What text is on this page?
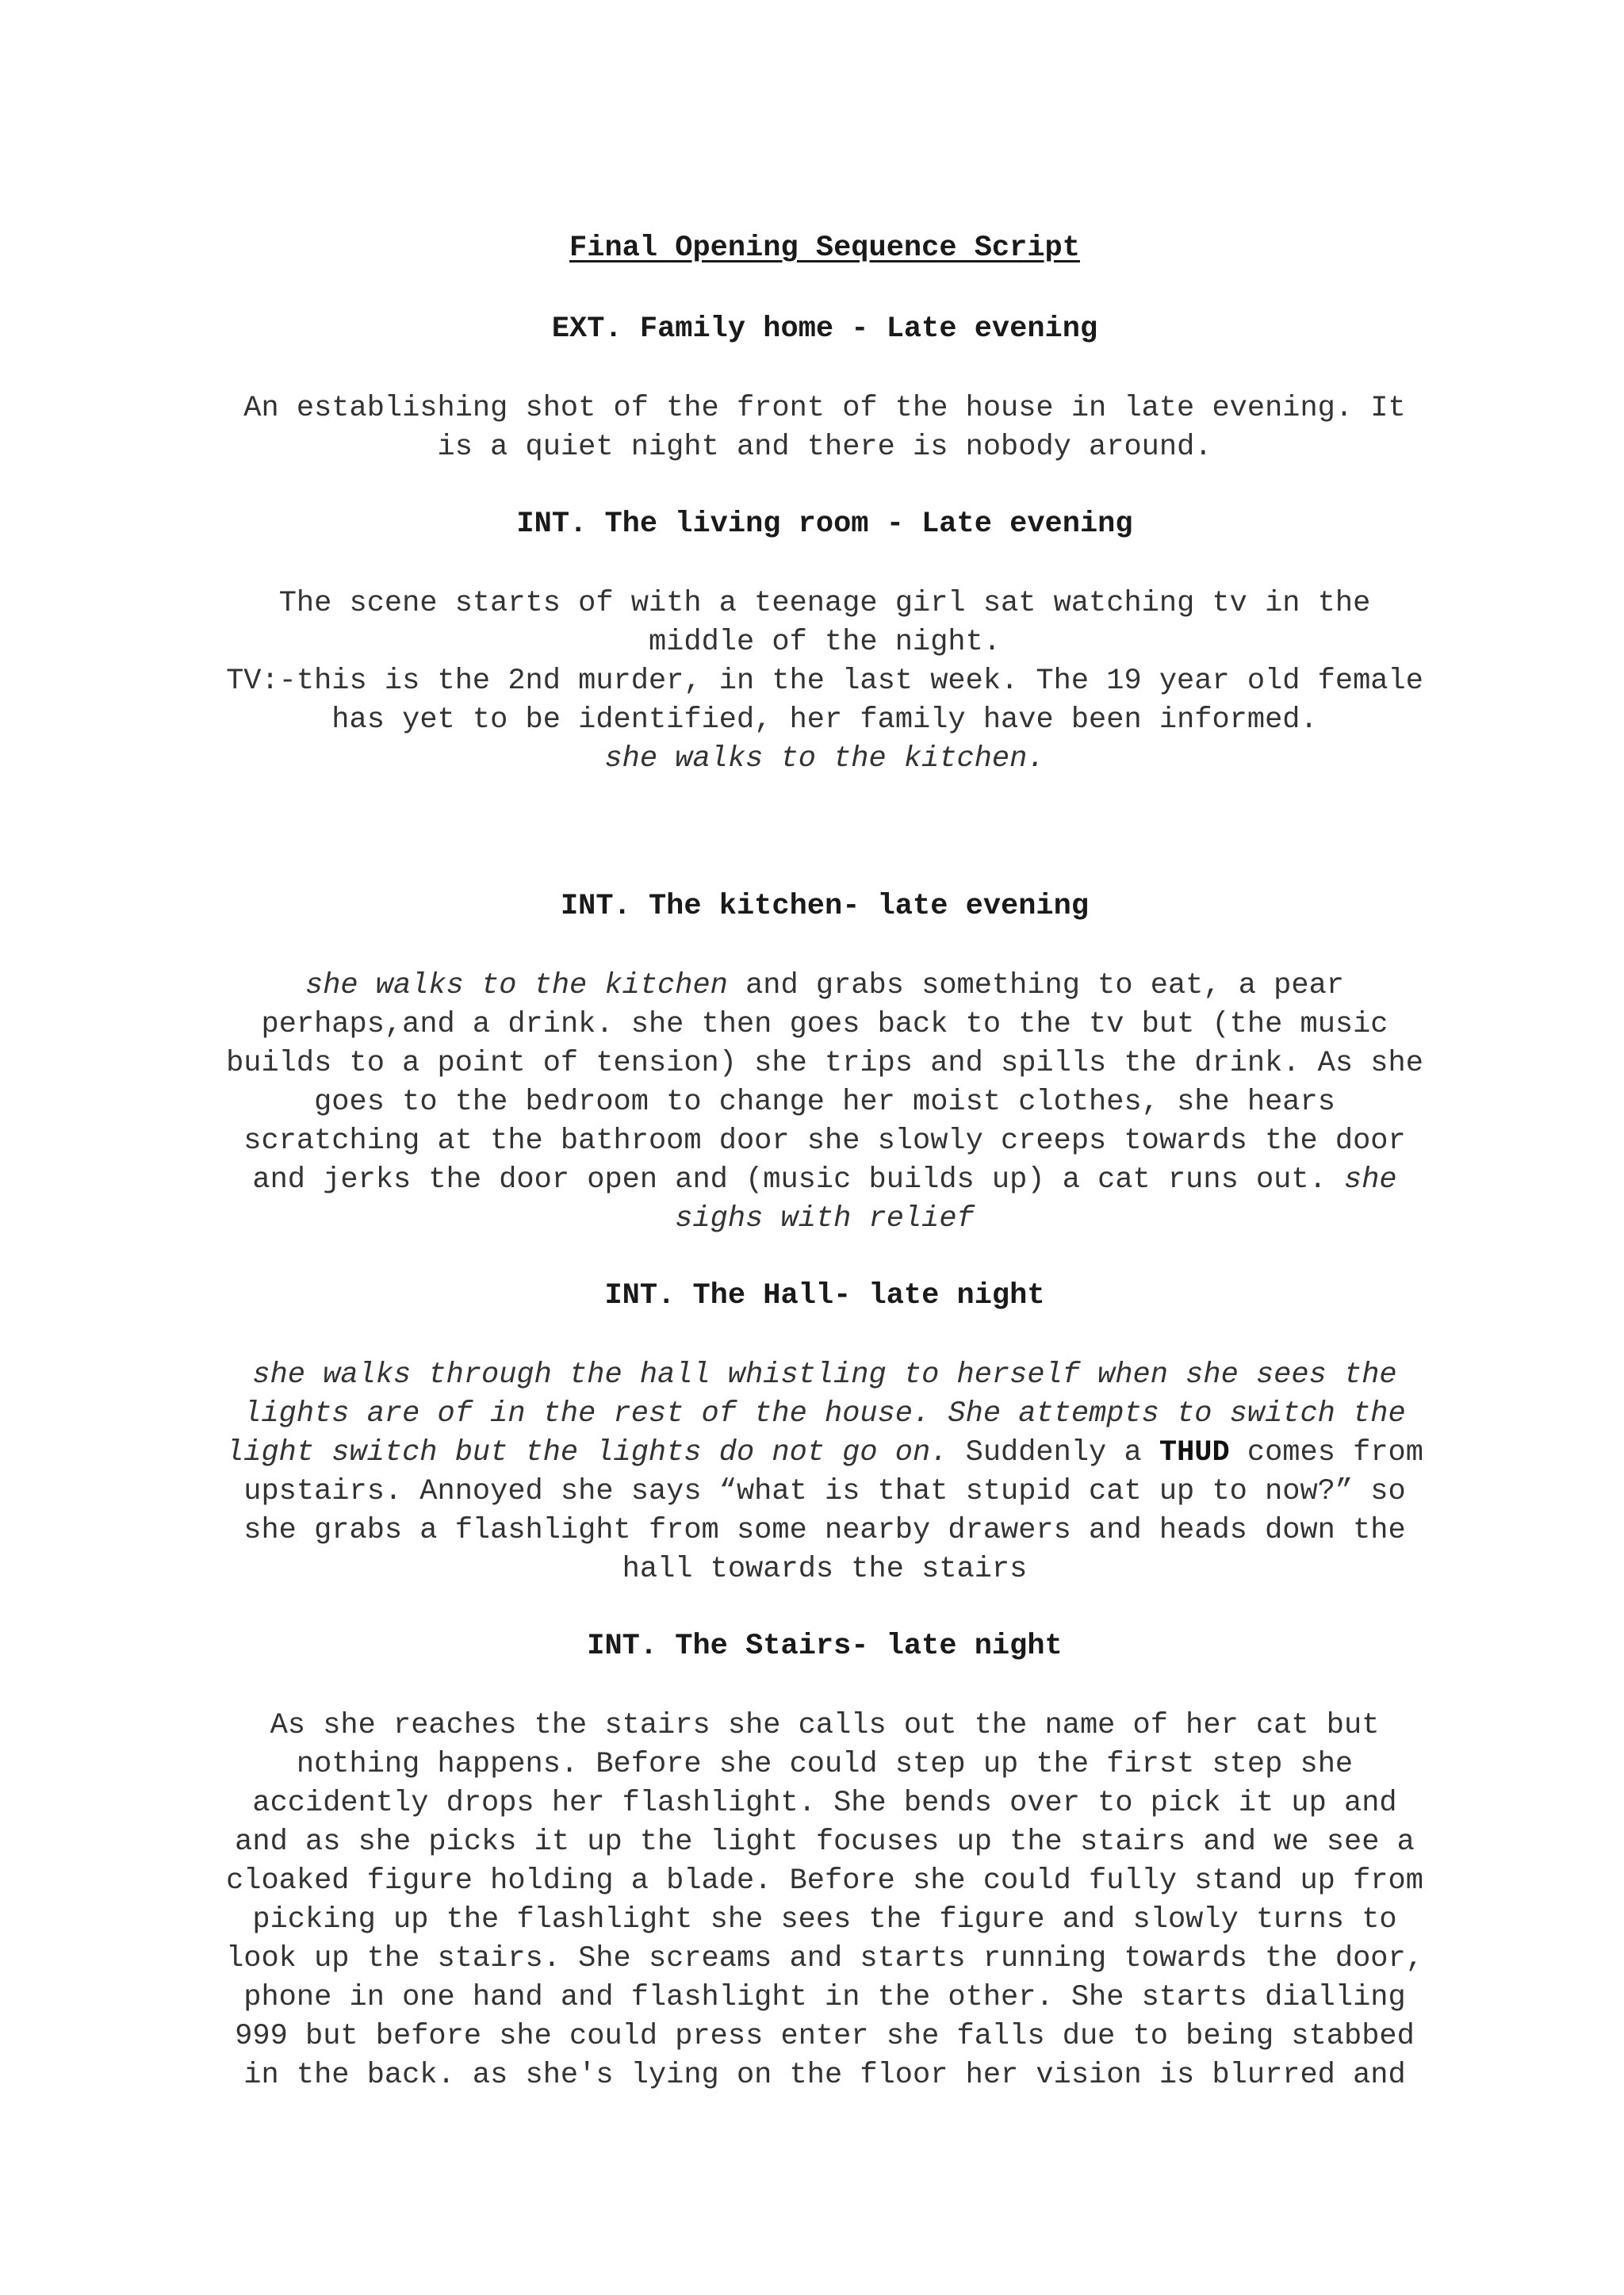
Final Opening Sequence Script
EXT. Family home - Late evening
An establishing shot of the front of the house in late evening. It
is a quiet night and there is nobody around.
INT. The living room - Late evening
The scene starts of with a teenage girl sat watching tv in the
middle of the night.
TV:-this is the 2nd murder, in the last week. The 19 year old female
has yet to be identified, her family have been informed.
she walks to the kitchen.
INT. The kitchen- late evening
she walks to the kitchen and grabs something to eat, a pear
perhaps,and a drink. she then goes back to the tv but (the music
builds to a point of tension) she trips and spills the drink. As she
goes to the bedroom to change her moist clothes, she hears
scratching at the bathroom door she slowly creeps towards the door
and jerks the door open and (music builds up) a cat runs out. she
sighs with relief
INT. The Hall- late night
she walks through the hall whistling to herself when she sees the
lights are of in the rest of the house. She attempts to switch the
light switch but the lights do not go on. Suddenly a THUD comes from
upstairs. Annoyed she says “what is that stupid cat up to now?” so
she grabs a flashlight from some nearby drawers and heads down the
hall towards the stairs
INT. The Stairs- late night
As she reaches the stairs she calls out the name of her cat but
nothing happens. Before she could step up the first step she
accidently drops her flashlight. She bends over to pick it up and
and as she picks it up the light focuses up the stairs and we see a
cloaked figure holding a blade. Before she could fully stand up from
picking up the flashlight she sees the figure and slowly turns to
look up the stairs. She screams and starts running towards the door,
phone in one hand and flashlight in the other. She starts dialling
999 but before she could press enter she falls due to being stabbed
in the back. as she's lying on the floor her vision is blurred and
